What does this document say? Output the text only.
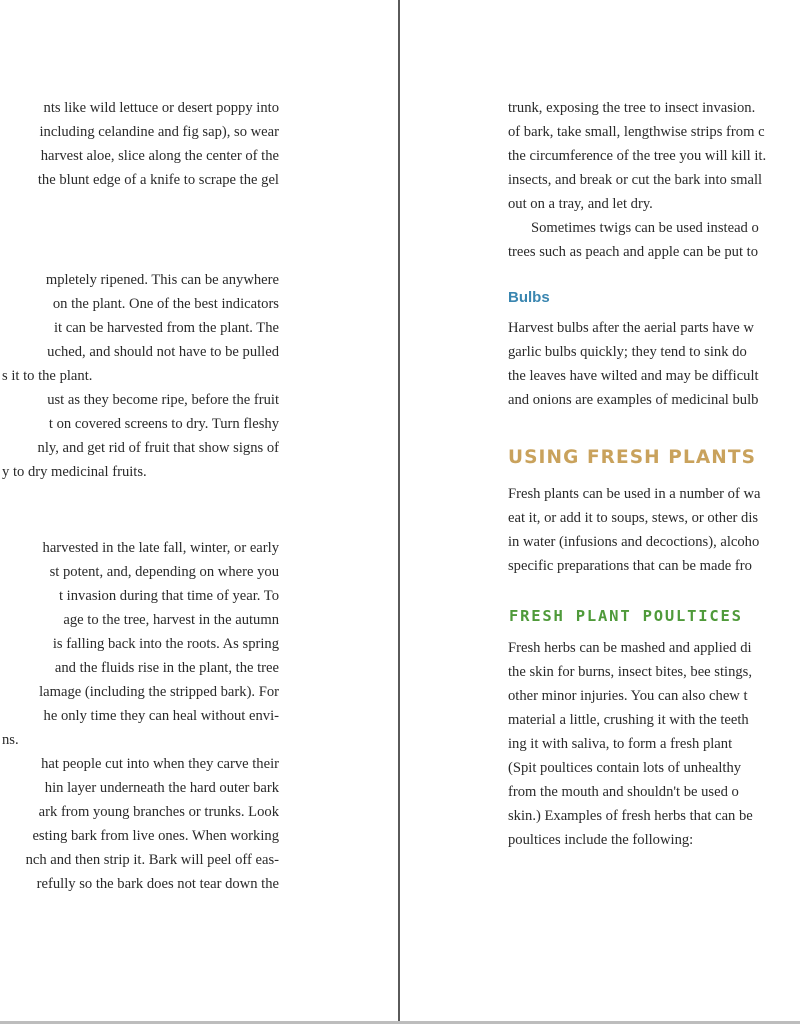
nts like wild lettuce or desert poppy into
including celandine and fig sap), so wear
harvest aloe, slice along the center of the
the blunt edge of a knife to scrape the gel
mpletely ripened. This can be anywhere
on the plant. One of the best indicators
it can be harvested from the plant. The
uched, and should not have to be pulled
s it to the plant.
ust as they become ripe, before the fruit
t on covered screens to dry. Turn fleshy
nly, and get rid of fruit that show signs of
y to dry medicinal fruits.
harvested in the late fall, winter, or early
st potent, and, depending on where you
t invasion during that time of year. To
age to the tree, harvest in the autumn
is falling back into the roots. As spring
and the fluids rise in the plant, the tree
lamage (including the stripped bark). For
he only time they can heal without envi-
ns.
hat people cut into when they carve their
hin layer underneath the hard outer bark
ark from young branches or trunks. Look
esting bark from live ones. When working
nch and then strip it. Bark will peel off eas-
refully so the bark does not tear down the
trunk, exposing the tree to insect invasion.
of bark, take small, lengthwise strips from c
the circumference of the tree you will kill it.
insects, and break or cut the bark into small
out on a tray, and let dry.
Sometimes twigs can be used instead o
trees such as peach and apple can be put to
Bulbs
Harvest bulbs after the aerial parts have w
garlic bulbs quickly; they tend to sink do
the leaves have wilted and may be difficult
and onions are examples of medicinal bulb
USING FRESH PLANTS
Fresh plants can be used in a number of wa
eat it, or add it to soups, stews, or other dis
in water (infusions and decoctions), alcoho
specific preparations that can be made fro
FRESH PLANT POULTICES
Fresh herbs can be mashed and applied di
the skin for burns, insect bites, bee stings,
other minor injuries. You can also chew t
material a little, crushing it with the teeth
ing it with saliva, to form a fresh plant
(Spit poultices contain lots of unhealthy
from the mouth and shouldn't be used o
skin.) Examples of fresh herbs that can be
poultices include the following:
